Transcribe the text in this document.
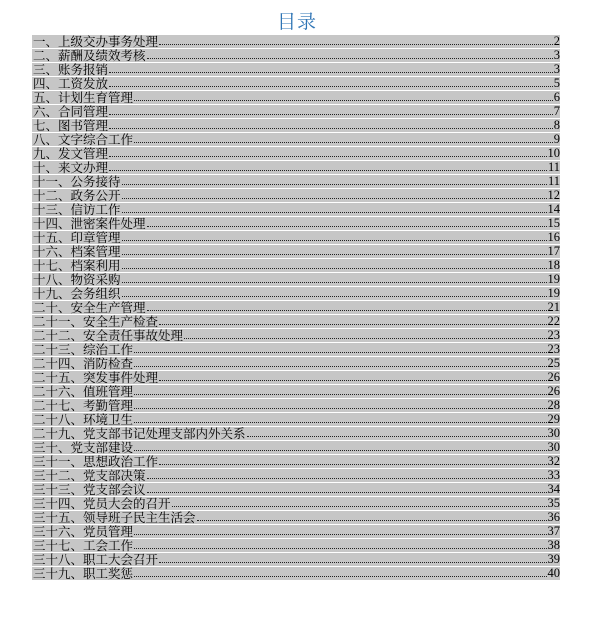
目录
一、上级交办事务处理	2
二、薪酬及绩效考核	3
三、账务报销	3
四、工资发放	5
五、计划生育管理	6
六、合同管理	7
七、图书管理	8
八、文字综合工作	9
九、发文管理	10
十、来文办理	11
十一、公务接待	11
十二、政务公开	12
十三、信访工作	14
十四、泄密案件处理	15
十五、印章管理	16
十六、档案管理	17
十七、档案利用	18
十八、物资采购	19
十九、会务组织	19
二十、安全生产管理	21
二十一、安全生产检查	22
二十二、安全责任事故处理	23
二十三、综治工作	23
二十四、消防检查	25
二十五、突发事件处理	26
二十六、值班管理	26
二十七、考勤管理	28
二十八、环境卫生	29
二十九、党支部书记处理支部内外关系	30
三十、党支部建设	30
三十一、思想政治工作	32
三十二、党支部决策	33
三十三、党支部会议	34
三十四、党员大会的召开	35
三十五、领导班子民主生活会	36
三十六、党员管理	37
三十七、工会工作	38
三十八、职工大会召开	39
三十九、职工奖惩	40
